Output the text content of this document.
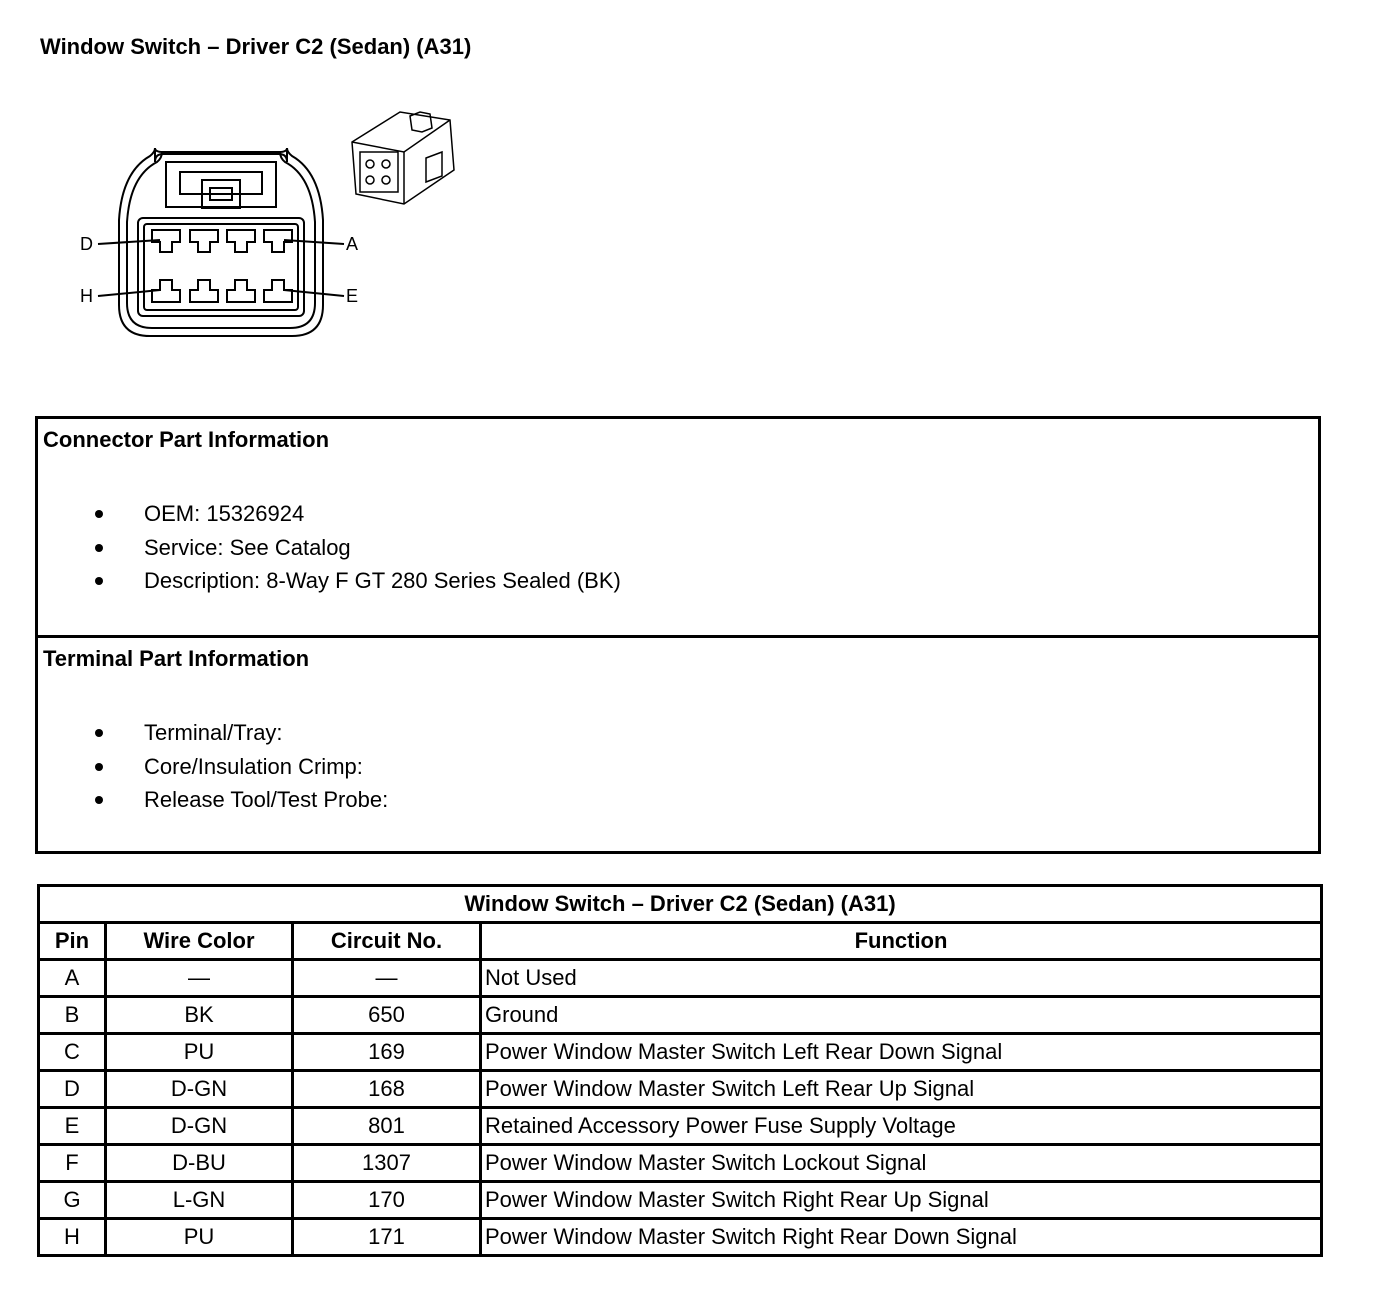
Window Switch – Driver C2 (Sedan) (A31)
D	A
H	E
Connector Part Information
OEM: 15326924
Service: See Catalog
Description: 8-Way F GT 280 Series Sealed (BK)
Terminal Part Information
Terminal/Tray:
Core/Insulation Crimp:
Release Tool/Test Probe:
Window Switch – Driver C2 (Sedan) (A31)			
Pin	Wire Color	Circuit No.	Function
A	—	—	Not Used
B	BK	650	Ground
C	PU	169	Power Window Master Switch Left Rear Down Signal
D	D-GN	168	Power Window Master Switch Left Rear Up Signal
E	D-GN	801	Retained Accessory Power Fuse Supply Voltage
F	D-BU	1307	Power Window Master Switch Lockout Signal
G	L-GN	170	Power Window Master Switch Right Rear Up Signal
H	PU	171	Power Window Master Switch Right Rear Down Signal
